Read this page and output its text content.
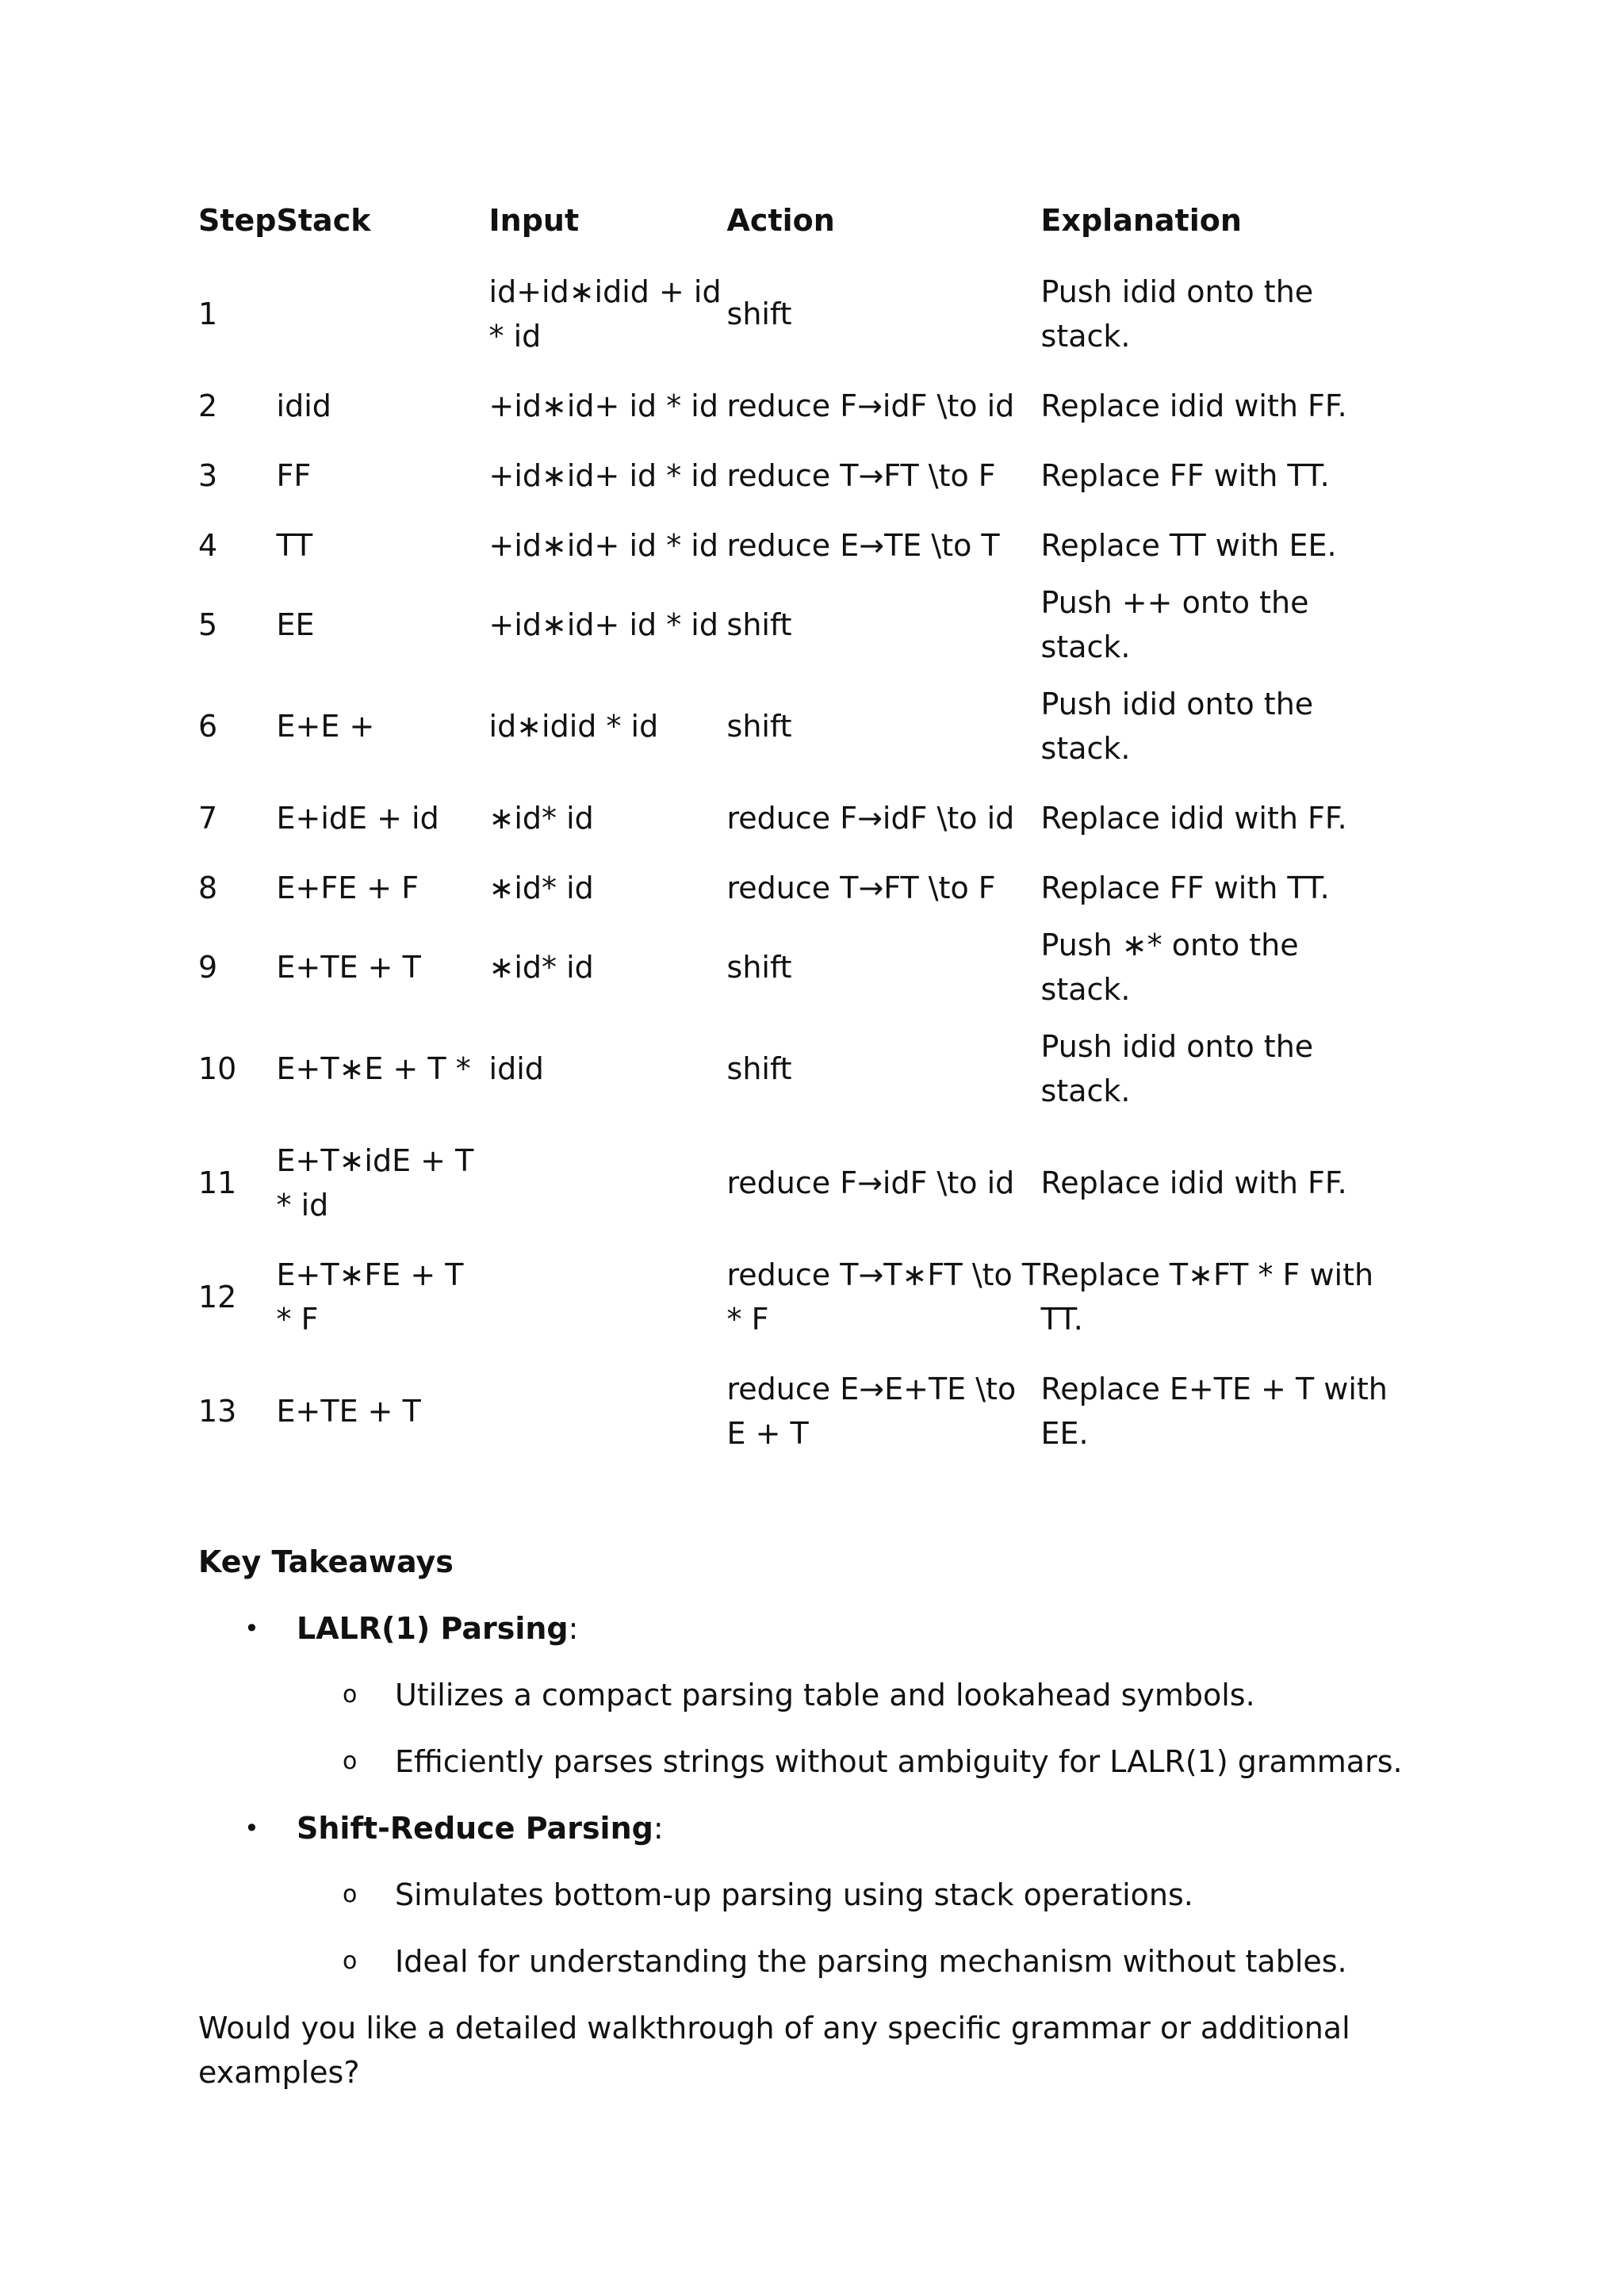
Step	Stack	Input	Action	Explanation
1		id+id∗idid + id * id	shift	Push idid onto the stack.
2	idid	+id∗id+ id * id	reduce F→idF \to id	Replace idid with FF.
3	FF	+id∗id+ id * id	reduce T→FT \to F	Replace FF with TT.
4	TT	+id∗id+ id * id	reduce E→TE \to T	Replace TT with EE.
5	EE	+id∗id+ id * id	shift	Push ++ onto the stack.
6	E+E +	id∗idid * id	shift	Push idid onto the stack.
7	E+idE + id	∗id* id	reduce F→idF \to id	Replace idid with FF.
8	E+FE + F	∗id* id	reduce T→FT \to F	Replace FF with TT.
9	E+TE + T	∗id* id	shift	Push ∗* onto the stack.
10	E+T∗E + T *	idid	shift	Push idid onto the stack.
11	E+T∗idE + T * id		reduce F→idF \to id	Replace idid with FF.
12	E+T∗FE + T * F		reduce T→T∗FT \to T * F	Replace T∗FT * F with TT.
13	E+TE + T		reduce E→E+TE \to E + T	Replace E+TE + T with EE.
Key Takeaways
•	LALR(1) Parsing :
o	Utilizes a compact parsing table and lookahead symbols.
o	Efficiently parses strings without ambiguity for LALR(1) grammars.
•	Shift-Reduce Parsing :
o	Simulates bottom-up parsing using stack operations.
o	Ideal for understanding the parsing mechanism without tables.

Would you like a detailed walkthrough of any specific grammar or additional examples?
